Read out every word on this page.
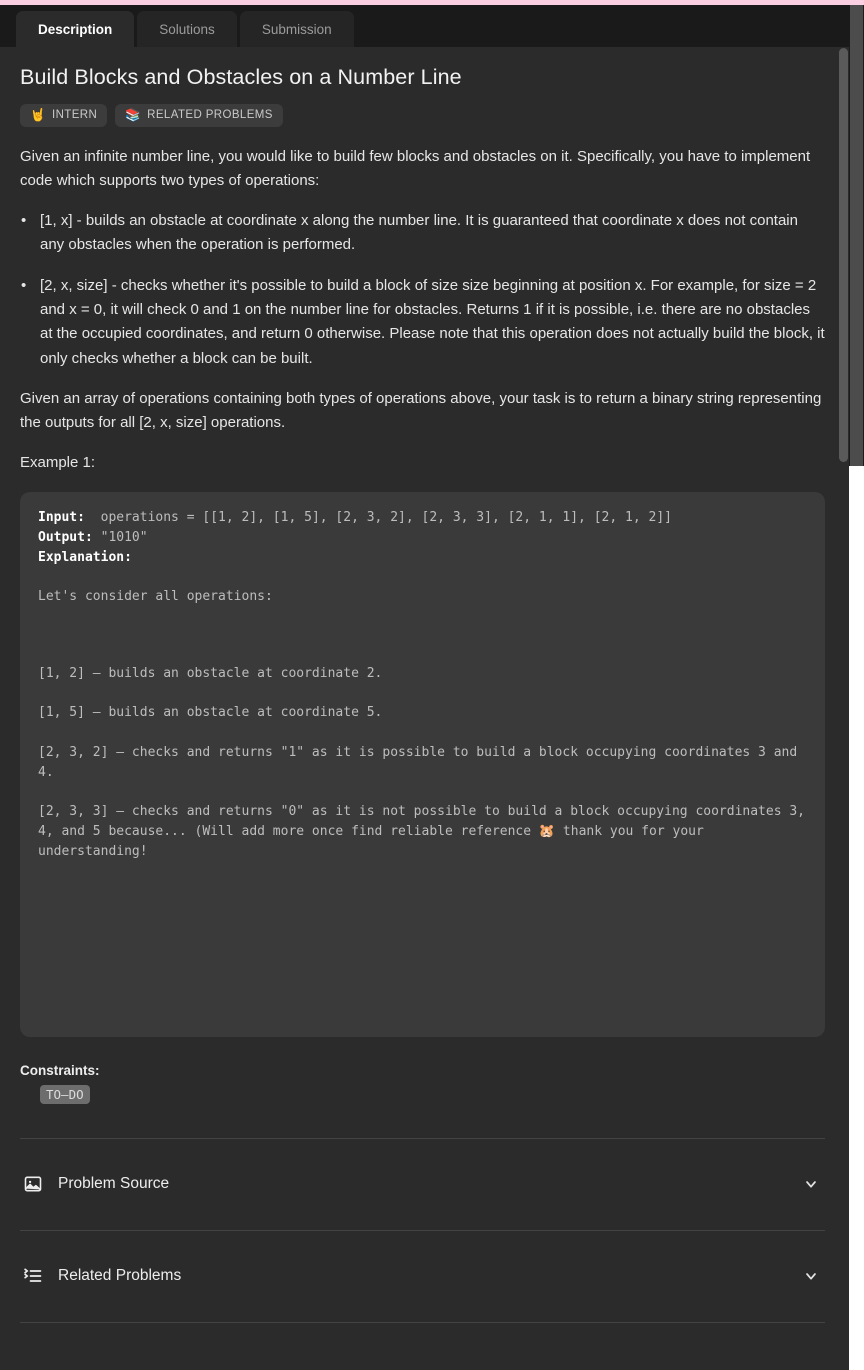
Description	Solutions	Submission
Build Blocks and Obstacles on a Number Line
🤘 INTERN 📚 RELATED PROBLEMS

Given an infinite number line, you would like to build few blocks and obstacles on it. Specifically, you have to implement code which supports two types of operations:

• [1, x] - builds an obstacle at coordinate x along the number line. It is guaranteed that coordinate x does not contain any obstacles when the operation is performed.
• [2, x, size] - checks whether it's possible to build a block of size size beginning at position x. For example, for size = 2 and x = 0, it will check 0 and 1 on the number line for obstacles. Returns 1 if it is possible, i.e. there are no obstacles at the occupied coordinates, and return 0 otherwise. Please note that this operation does not actually build the block, it only checks whether a block can be built.

Given an array of operations containing both types of operations above, your task is to return a binary string representing the outputs for all [2, x, size] operations.

Example 1:

Input:  operations = [[1, 2], [1, 5], [2, 3, 2], [2, 3, 3], [2, 1, 1], [2, 1, 2]]
Output: "1010"
Explanation:
Let's consider all operations:
[1, 2] – builds an obstacle at coordinate 2.
[1, 5] – builds an obstacle at coordinate 5.
[2, 3, 2] – checks and returns "1" as it is possible to build a block occupying coordinates 3 and 4.
[2, 3, 3] – checks and returns "0" as it is not possible to build a block occupying coordinates 3, 4, and 5 because... (Will add more once find reliable reference 🐹 thank you for your understanding!

Constraints:

TO–DO
Problem Source
Related Problems
